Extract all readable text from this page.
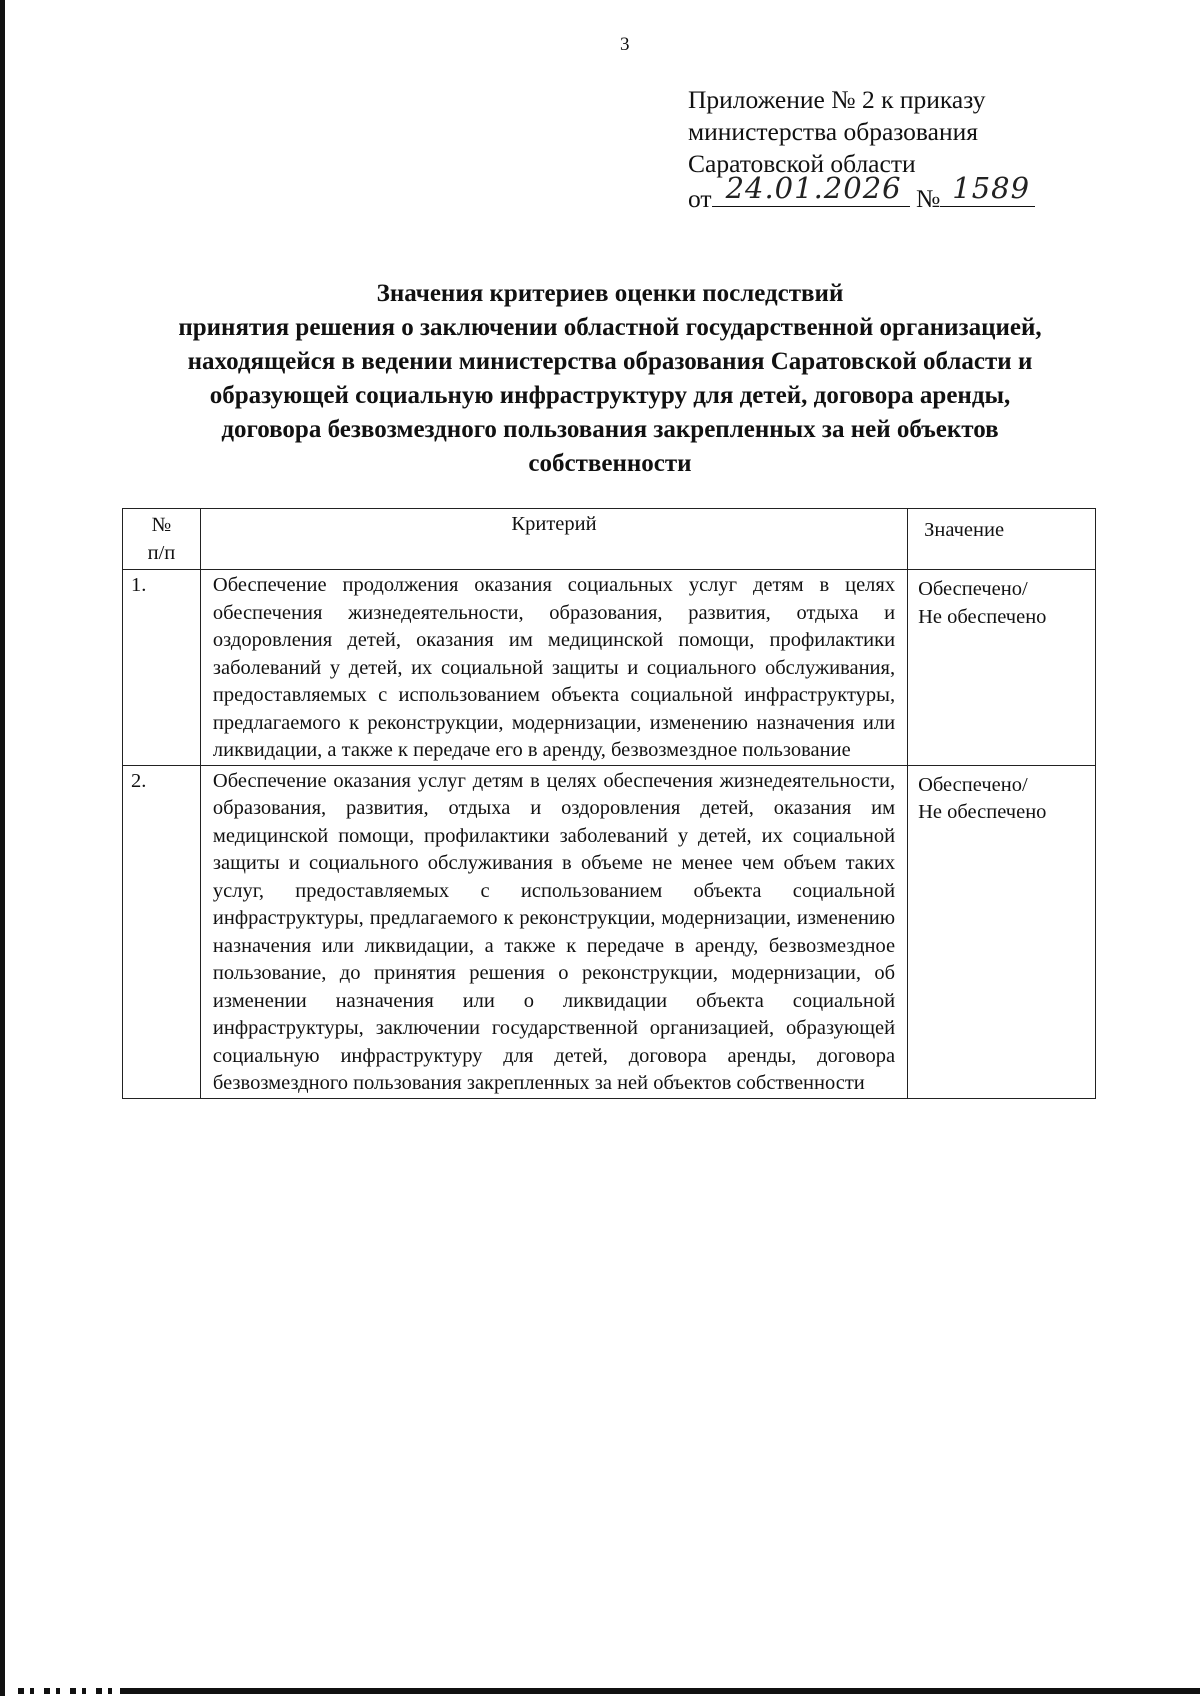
3
Приложение № 2 к приказу
министерства образования
Саратовской области
от 24.01.2026 № 1589
Значения критериев оценки последствий
принятия решения о заключении областной государственной организацией,
находящейся в ведении министерства образования Саратовской области и
образующей социальную инфраструктуру для детей, договора аренды,
договора безвозмездного пользования закрепленных за ней объектов
собственности
№
п/п	Критерий	Значение
1.	Обеспечение продолжения оказания социальных услуг детям в целях обеспечения жизнедеятельности, образования, развития, отдыха и оздоровления детей, оказания им медицинской помощи, профилактики заболеваний у детей, их социальной защиты и социального обслуживания, предоставляемых с использованием объекта социальной инфраструктуры, предлагаемого к реконструкции, модернизации, изменению назначения или ликвидации, а также к передаче его в аренду, безвозмездное пользование	Обеспечено/
Не обеспечено

2.	Обеспечение оказания услуг детям в целях обеспечения жизнедеятельности, образования, развития, отдыха и оздоровления детей, оказания им медицинской помощи, профилактики заболеваний у детей, их социальной защиты и социального обслуживания в объеме не менее чем объем таких услуг, предоставляемых с использованием объекта социальной инфраструктуры, предлагаемого к реконструкции, модернизации, изменению назначения или ликвидации, а также к передаче в аренду, безвозмездное пользование, до принятия решения о реконструкции, модернизации, об изменении назначения или о ликвидации объекта социальной инфраструктуры, заключении государственной организацией, образующей социальную инфраструктуру для детей, договора аренды, договора безвозмездного пользования закрепленных за ней объектов собственности	Обеспечено/
Не обеспечено
